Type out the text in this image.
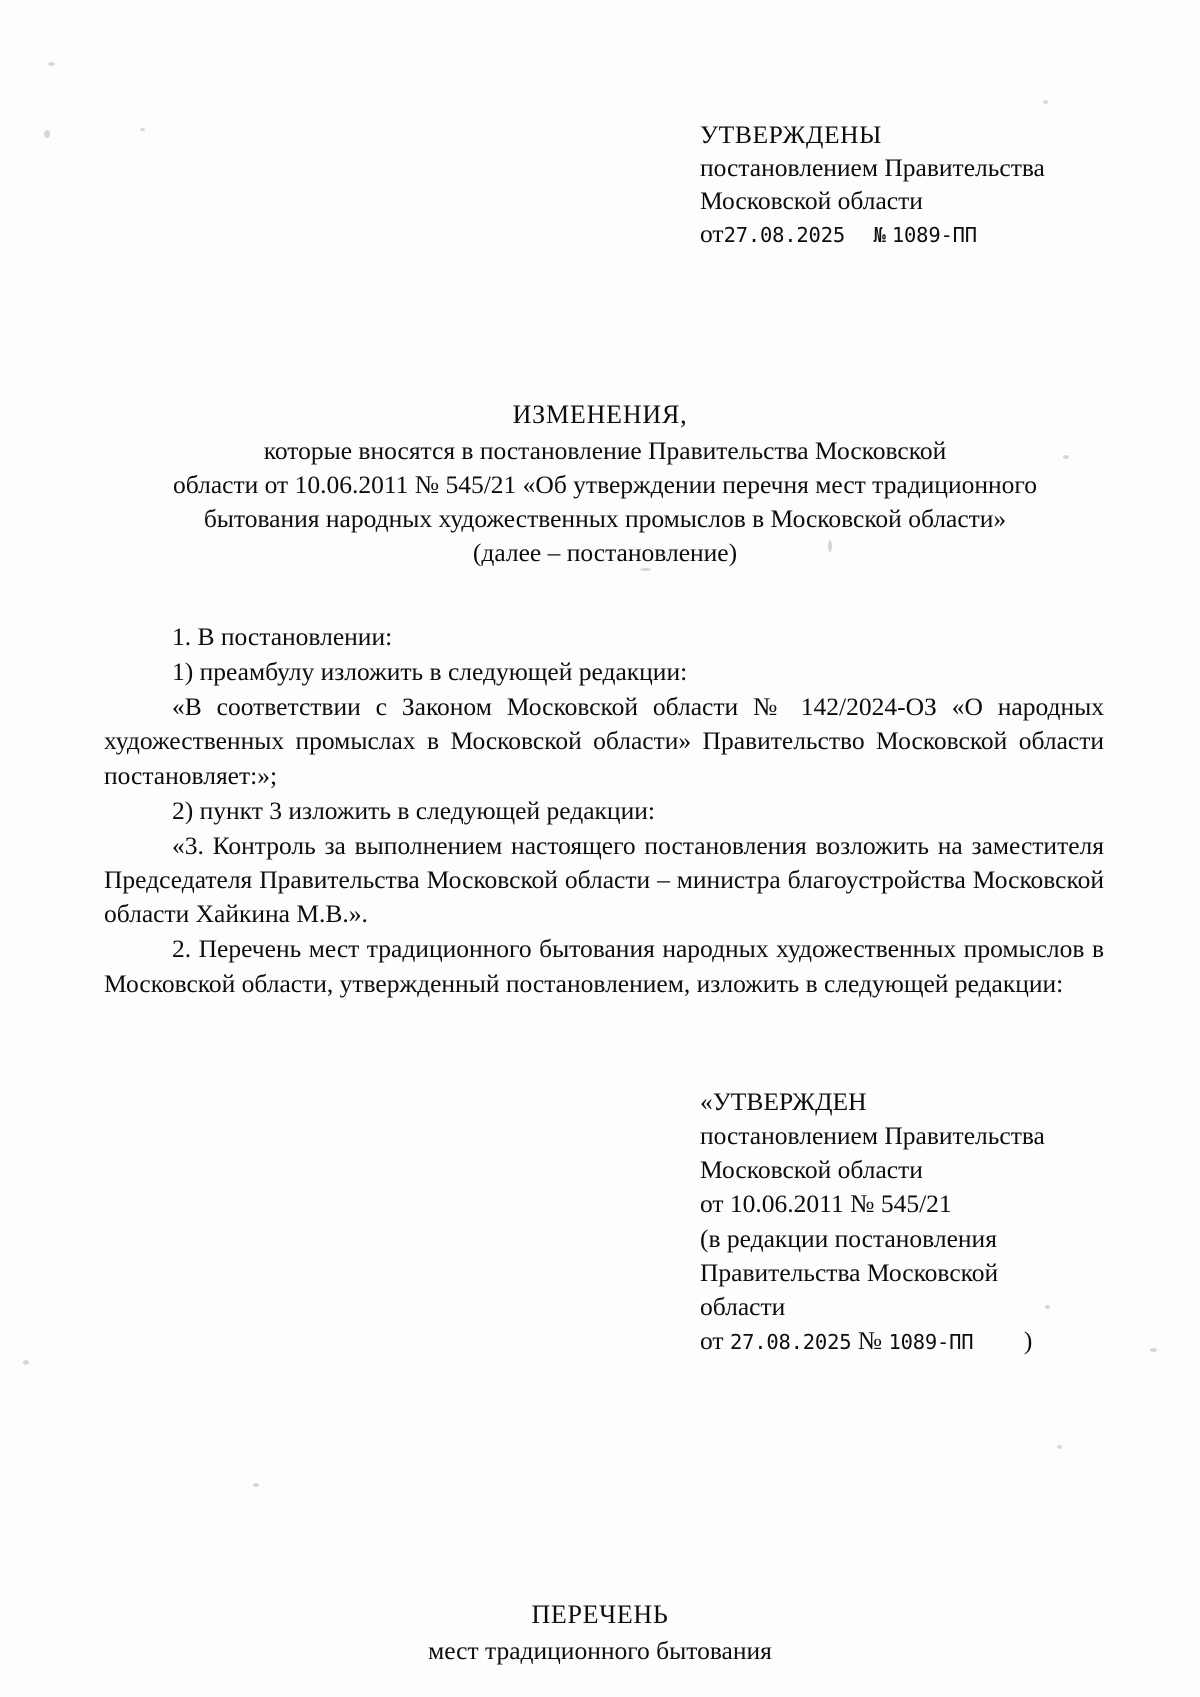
УТВЕРЖДЕНЫ
постановлением Правительства
Московской области
от27.08.2025 № 1089-ПП
ИЗМЕНЕНИЯ,
которые вносятся в постановление Правительства Московской
области от 10.06.2011 № 545/21 «Об утверждении перечня мест традиционного
бытования народных художественных промыслов в Московской области»
(далее – постановление)

1. В постановлении:

1) преамбулу изложить в следующей редакции:

«В соответствии с Законом Московской области № 142/2024-ОЗ «О народных художественных промыслах в Московской области» Правительство Московской области постановляет:»;

2) пункт 3 изложить в следующей редакции:

«3. Контроль за выполнением настоящего постановления возложить на заместителя Председателя Правительства Московской области – министра благоустройства Московской области Хайкина М.В.».

2. Перечень мест традиционного бытования народных художественных промыслов в Московской области, утвержденный постановлением, изложить в следующей редакции:

«УТВЕРЖДЕН
постановлением Правительства
Московской области
от 10.06.2011 № 545/21
(в редакции постановления
Правительства Московской
области
от 27.08.2025 № 1089-ПП )
ПЕРЕЧЕНЬ
мест традиционного бытования
